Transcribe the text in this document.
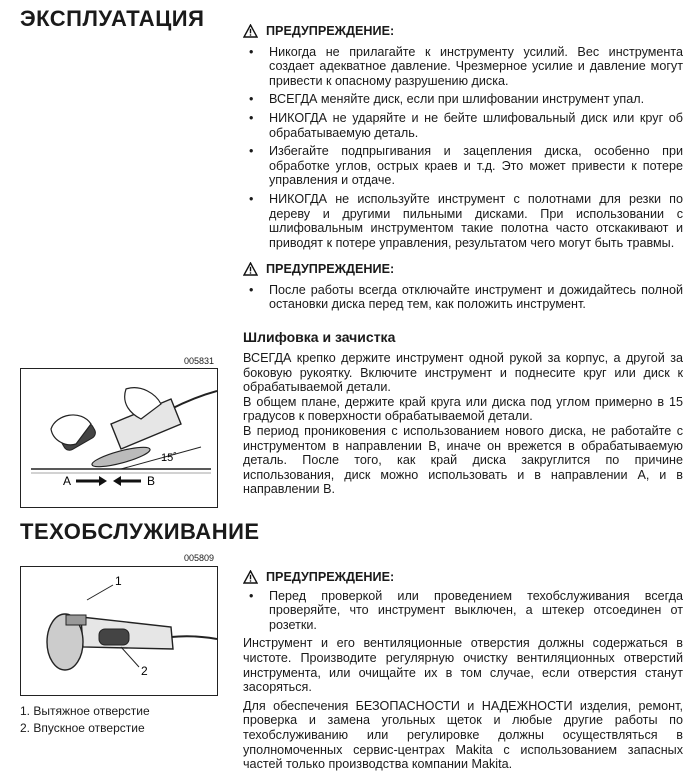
ЭКСПЛУАТАЦИЯ	ПРЕДУПРЕЖДЕНИЕ:
• Никогда не прилагайте к инструменту усилий. Вес инструмента создает адекватное давление. Чрезмерное усилие и давление могут привести к опасному разрушению диска.
• ВСЕГДА меняйте диск, если при шлифовании инструмент упал.
• НИКОГДА не ударяйте и не бейте шлифовальный диск или круг об обрабатываемую деталь.
• Избегайте подпрыгивания и зацепления диска, особенно при обработке углов, острых краев и т.д. Это может привести к потере управления и отдаче.
• НИКОГДА не используйте инструмент с полотнами для резки по дереву и другими пильными дисками. При использовании с шлифовальным инструментом такие полотна часто отскакивают и приводят к потере управления, результатом чего могут быть травмы.
ПРЕДУПРЕЖДЕНИЕ:
• После работы всегда отключайте инструмент и дожидайтесь полной остановки диска перед тем, как положить инструмент.
Шлифовка и зачистка
ВСЕГДА крепко держите инструмент одной рукой за корпус, а другой за боковую рукоятку. Включите инструмент и поднесите круг или диск к обрабатываемой детали.
В общем плане, держите край круга или диска под углом примерно в 15 градусов к поверхности обрабатываемой детали.
В период прониковения с использованием нового диска, не работайте с инструментом в направлении B, иначе он врежется в обрабатываемую деталь. После того, как край диска закруглится по причине использования, диск можно использовать и в направлении A, и в направлении B.
005831
A	B
15˚
ТЕХОБСЛУЖИВАНИЕ
005809
1
2
1. Вытяжное отверстие
2. Впускное отверстие
ПРЕДУПРЕЖДЕНИЕ:
• Перед проверкой или проведением техобслуживания всегда проверяйте, что инструмент выключен, а штекер отсоединен от розетки.
Инструмент и его вентиляционные отверстия должны содержаться в чистоте. Производите регулярную очистку вентиляционных отверстий инструмента, или очищайте их в том случае, если отверстия станут засоряться.
Для обеспечения БЕЗОПАСНОСТИ и НАДЕЖНОСТИ изделия, ремонт, проверка и замена угольных щеток и любые другие работы по техобслуживанию или регулировке должны осуществляться в уполномоченных сервис-центрах Makita с использованием запасных частей только производства компании Makita.
